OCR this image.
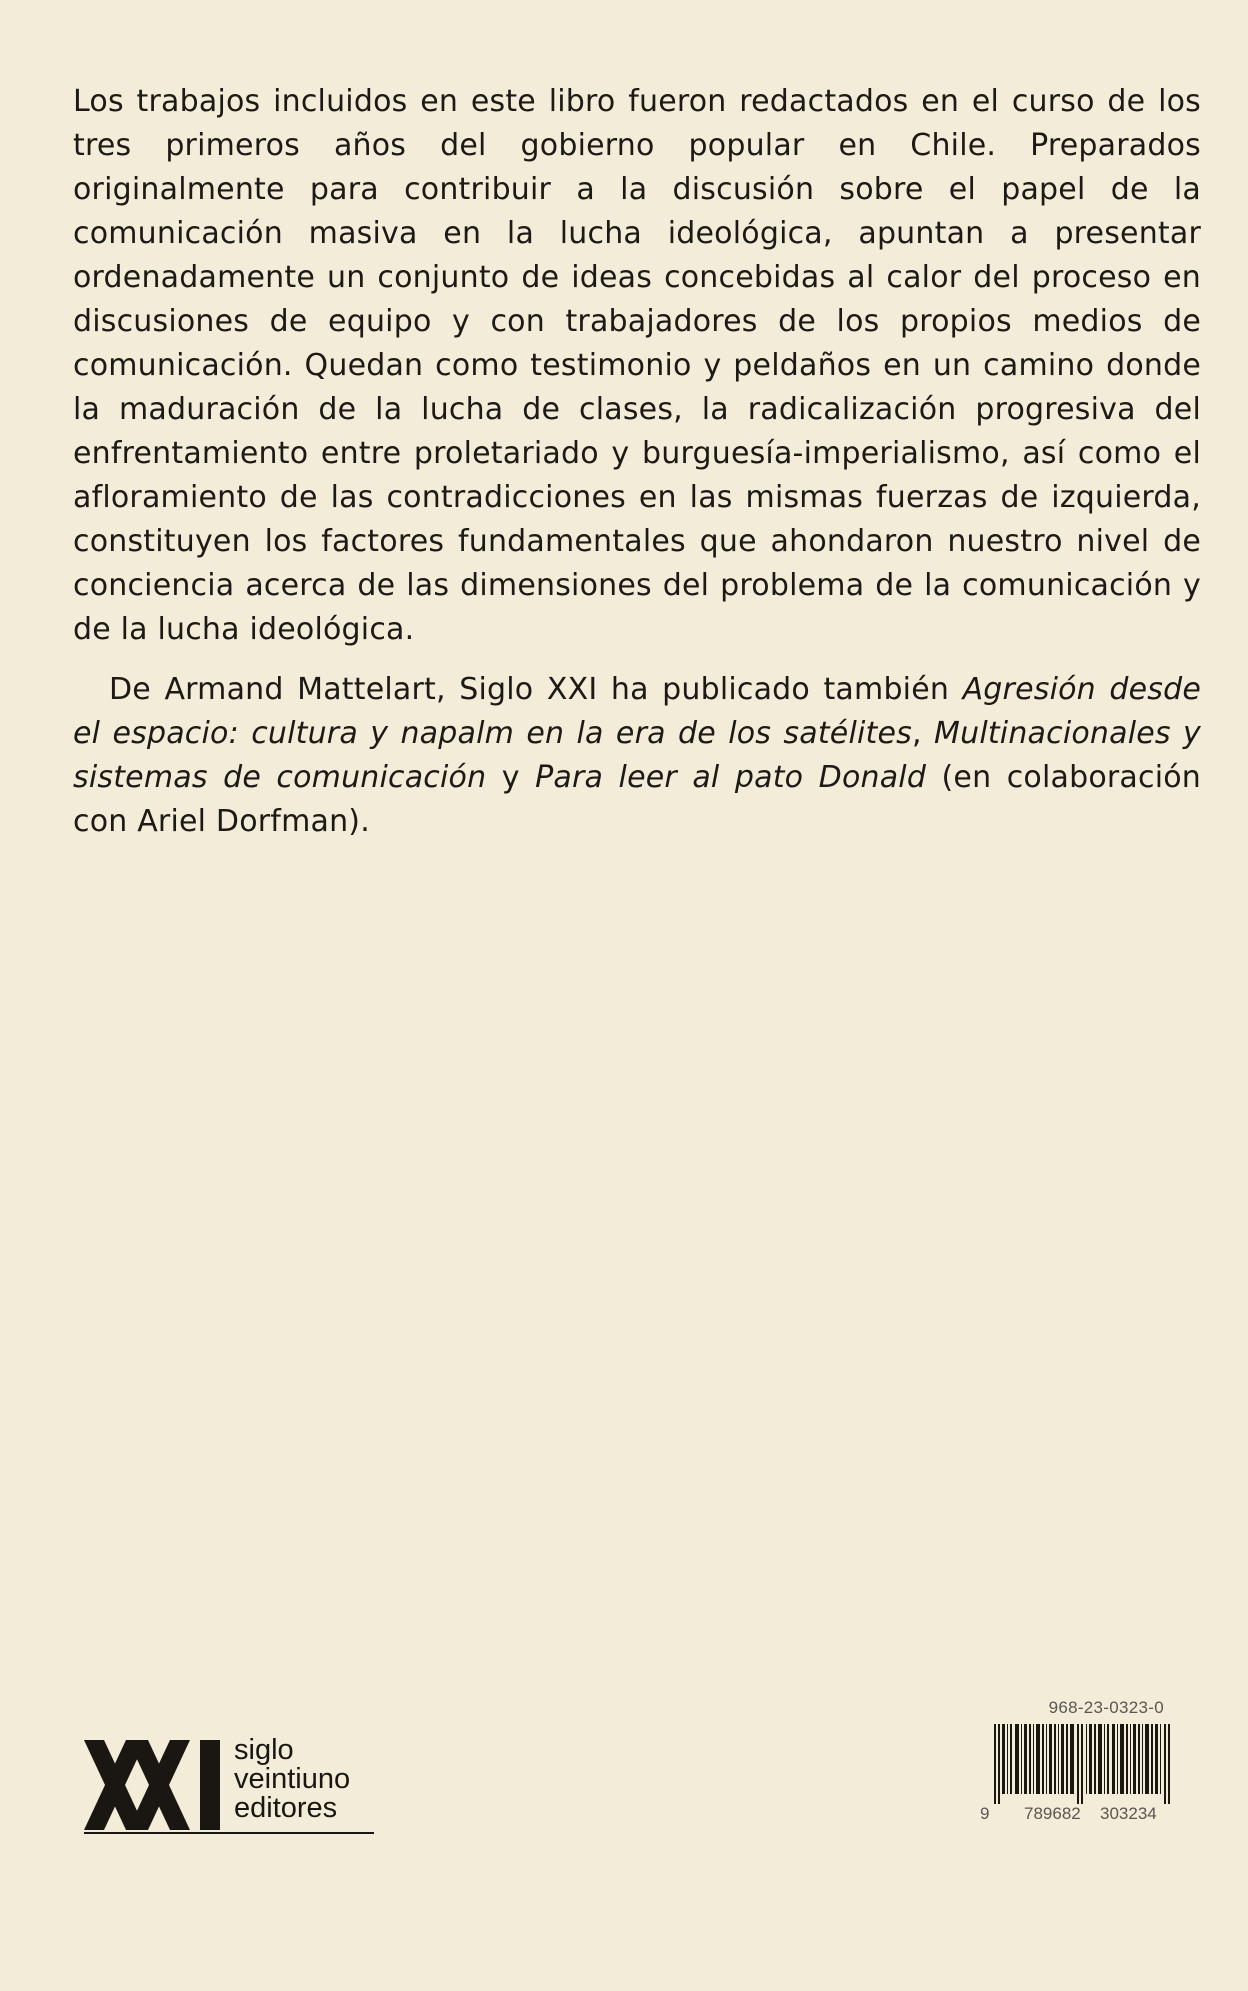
Los trabajos incluidos en este libro fueron redactados en el curso de los tres primeros años del gobierno popular en Chile. Preparados originalmente para contribuir a la discusión sobre el papel de la comunicación masiva en la lucha ideológica, apuntan a presentar ordenadamente un conjunto de ideas concebidas al calor del proceso en discusiones de equipo y con trabajadores de los propios medios de comunicación. Quedan como testimonio y peldaños en un camino donde la maduración de la lucha de clases, la radicalización progresiva del enfrentamiento entre proletariado y burguesía-imperialismo, así como el afloramiento de las contradicciones en las mismas fuerzas de izquierda, constituyen los factores fundamentales que ahondaron nuestro nivel de conciencia acerca de las dimensiones del problema de la comunicación y de la lucha ideológica.

De Armand Mattelart, Siglo XXI ha publicado también Agresión desde el espacio: cultura y napalm en la era de los satélites, Multinacionales y sistemas de comunicación y Para leer al pato Donald (en colaboración con Ariel Dorfman).

siglo
veintiuno
editores
968-23-0323-0
9 789682 303234
